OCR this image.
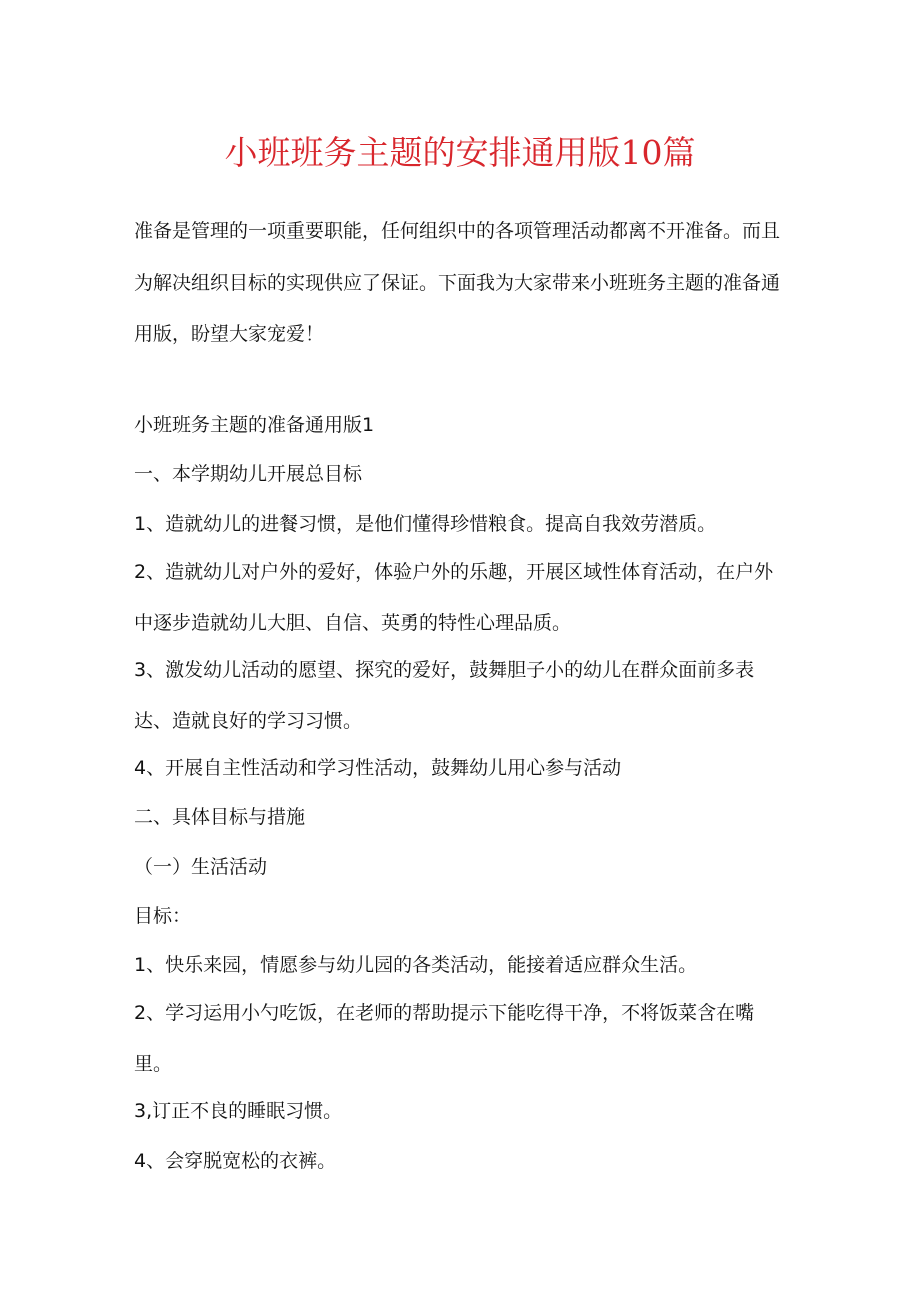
小班班务主题的安排通用版10篇

准备是管理的一项重要职能，任何组织中的各项管理活动都离不开准备。而且为解决组织目标的实现供应了保证。下面我为大家带来小班班务主题的准备通用版，盼望大家宠爱！

小班班务主题的准备通用版1

一、本学期幼儿开展总目标

1、造就幼儿的进餐习惯，是他们懂得珍惜粮食。提高自我效劳潜质。

2、造就幼儿对户外的爱好，体验户外的乐趣，开展区域性体育活动，在户外中逐步造就幼儿大胆、自信、英勇的特性心理品质。

3、激发幼儿活动的愿望、探究的爱好，鼓舞胆子小的幼儿在群众面前多表达、造就良好的学习习惯。

4、开展自主性活动和学习性活动，鼓舞幼儿用心参与活动

二、具体目标与措施

（一）生活活动

目标：

1、快乐来园，情愿参与幼儿园的各类活动，能接着适应群众生活。

2、学习运用小勺吃饭，在老师的帮助提示下能吃得干净，不将饭菜含在嘴里。

3,订正不良的睡眠习惯。

4、会穿脱宽松的衣裤。
